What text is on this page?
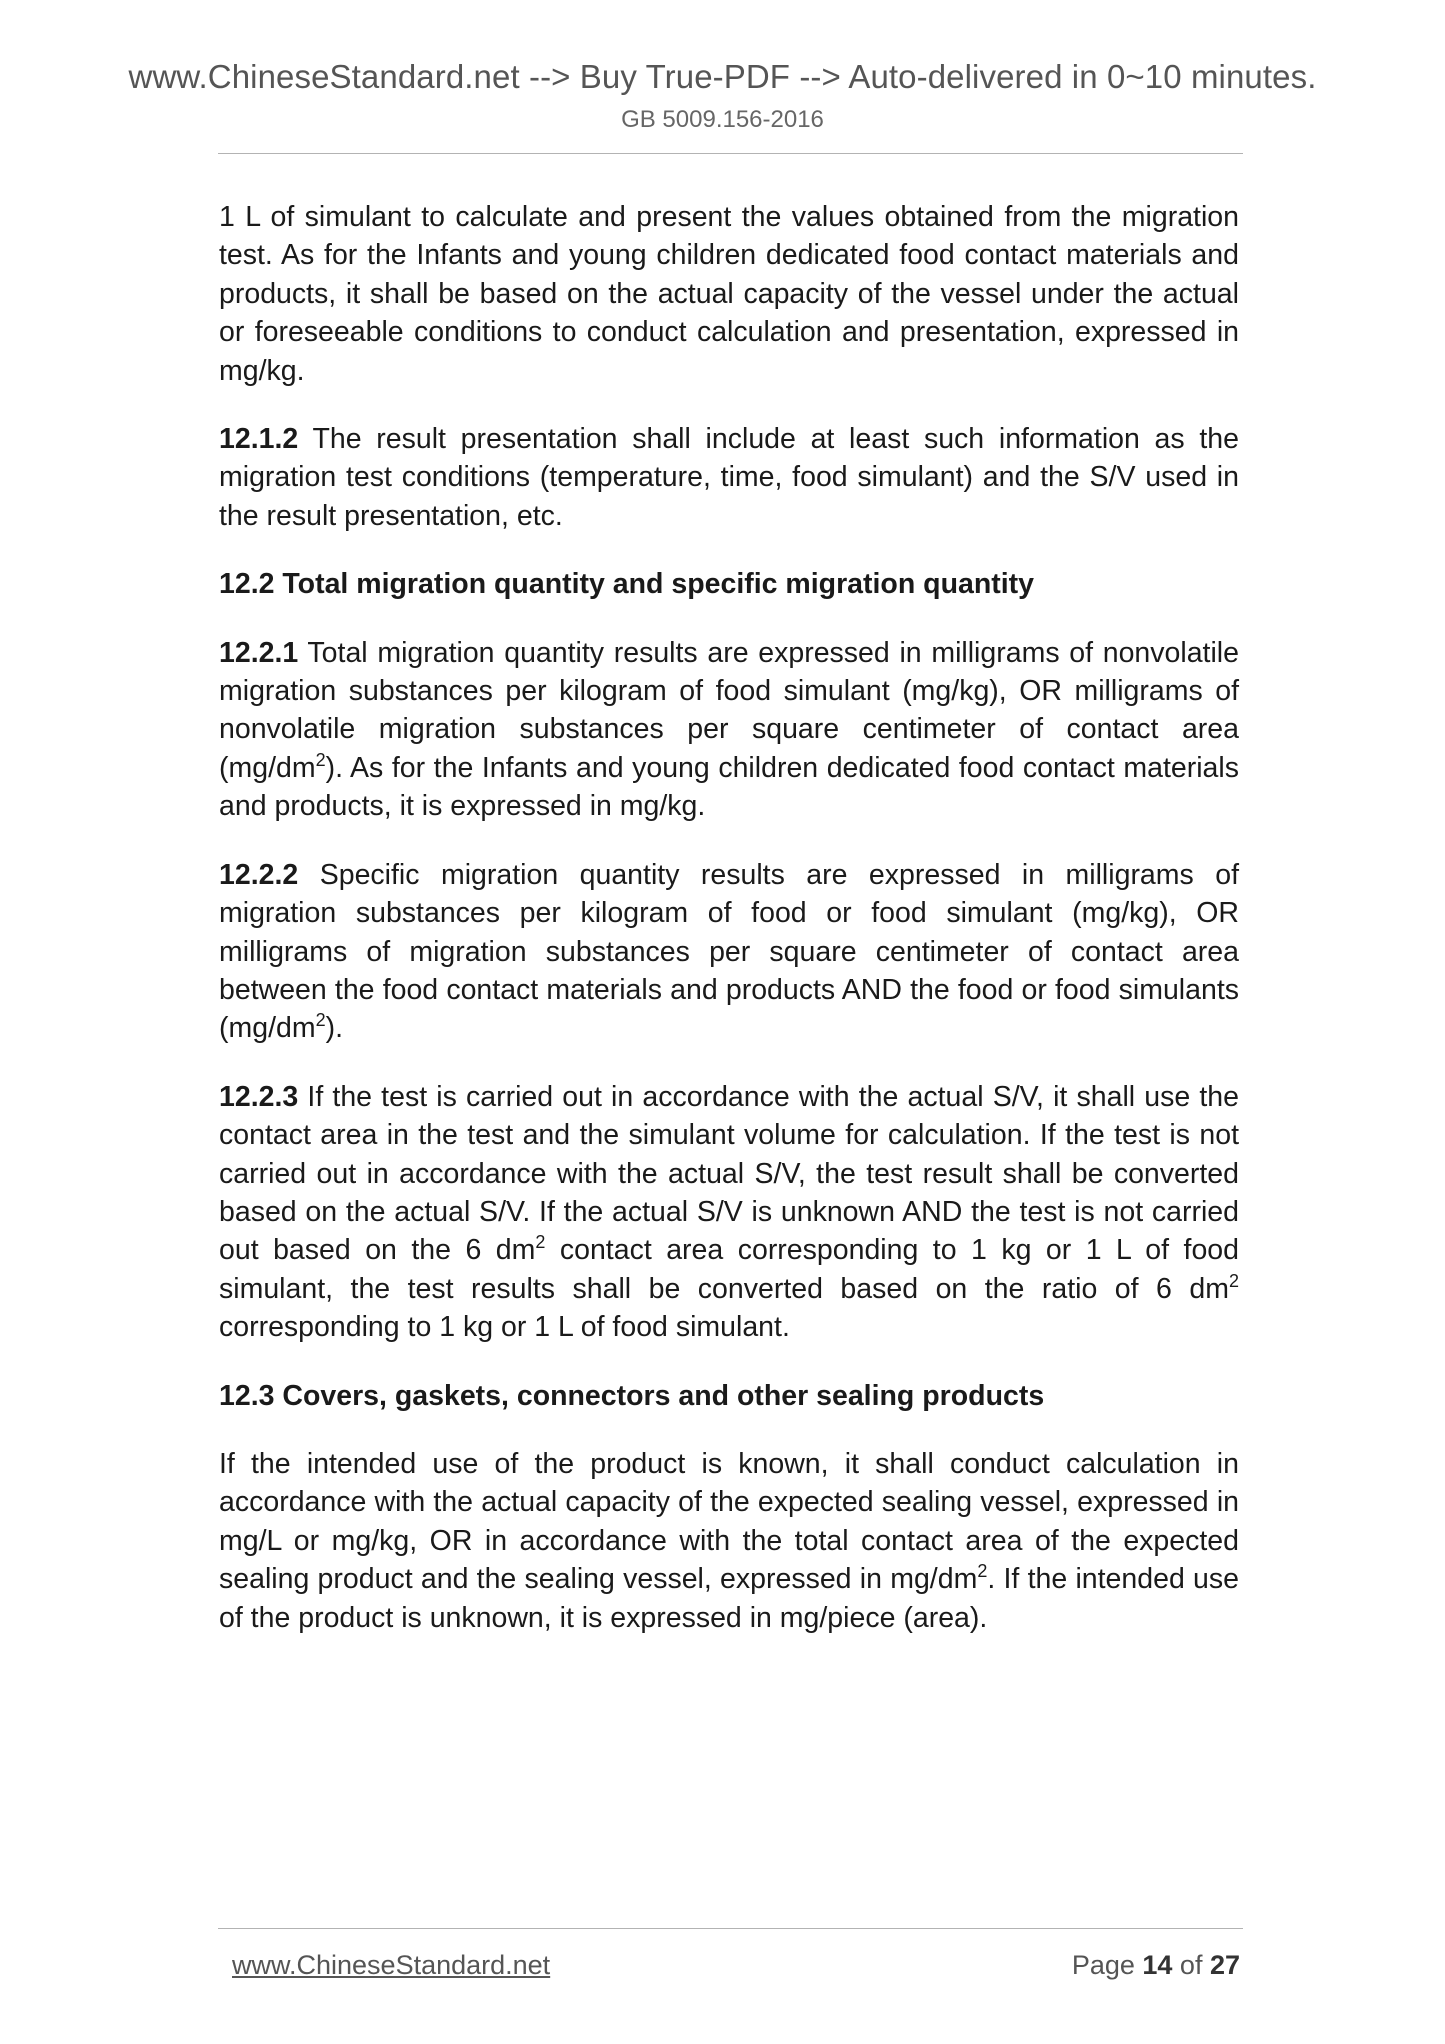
www.ChineseStandard.net --> Buy True-PDF --> Auto-delivered in 0~10 minutes.
GB 5009.156-2016

1 L of simulant to calculate and present the values obtained from the migration test. As for the Infants and young children dedicated food contact materials and products, it shall be based on the actual capacity of the vessel under the actual or foreseeable conditions to conduct calculation and presentation, expressed in mg/kg.

12.1.2 The result presentation shall include at least such information as the migration test conditions (temperature, time, food simulant) and the S/V used in the result presentation, etc.

12.2 Total migration quantity and specific migration quantity

12.2.1 Total migration quantity results are expressed in milligrams of nonvolatile migration substances per kilogram of food simulant (mg/kg), OR milligrams of nonvolatile migration substances per square centimeter of contact area $(mg/dm^2)$. As for the Infants and young children dedicated food contact materials and products, it is expressed in mg/kg.

12.2.2 Specific migration quantity results are expressed in milligrams of migration substances per kilogram of food or food simulant (mg/kg), OR milligrams of migration substances per square centimeter of contact area between the food contact materials and products AND the food or food simulants $(mg/dm^2)$.

12.2.3 If the test is carried out in accordance with the actual S/V, it shall use the contact area in the test and the simulant volume for calculation. If the test is not carried out in accordance with the actual S/V, the test result shall be converted based on the actual S/V. If the actual S/V is unknown AND the test is not carried out based on the 6 $dm^2$ contact area corresponding to 1 kg or 1 L of food simulant, the test results shall be converted based on the ratio of 6 $dm^2$ corresponding to 1 kg or 1 L of food simulant.

12.3 Covers, gaskets, connectors and other sealing products

If the intended use of the product is known, it shall conduct calculation in accordance with the actual capacity of the expected sealing vessel, expressed in mg/L or mg/kg, OR in accordance with the total contact area of the expected sealing product and the sealing vessel, expressed in $mg/dm^2$. If the intended use of the product is unknown, it is expressed in mg/piece (area).

www.ChineseStandard.net	Page 14 of 27
